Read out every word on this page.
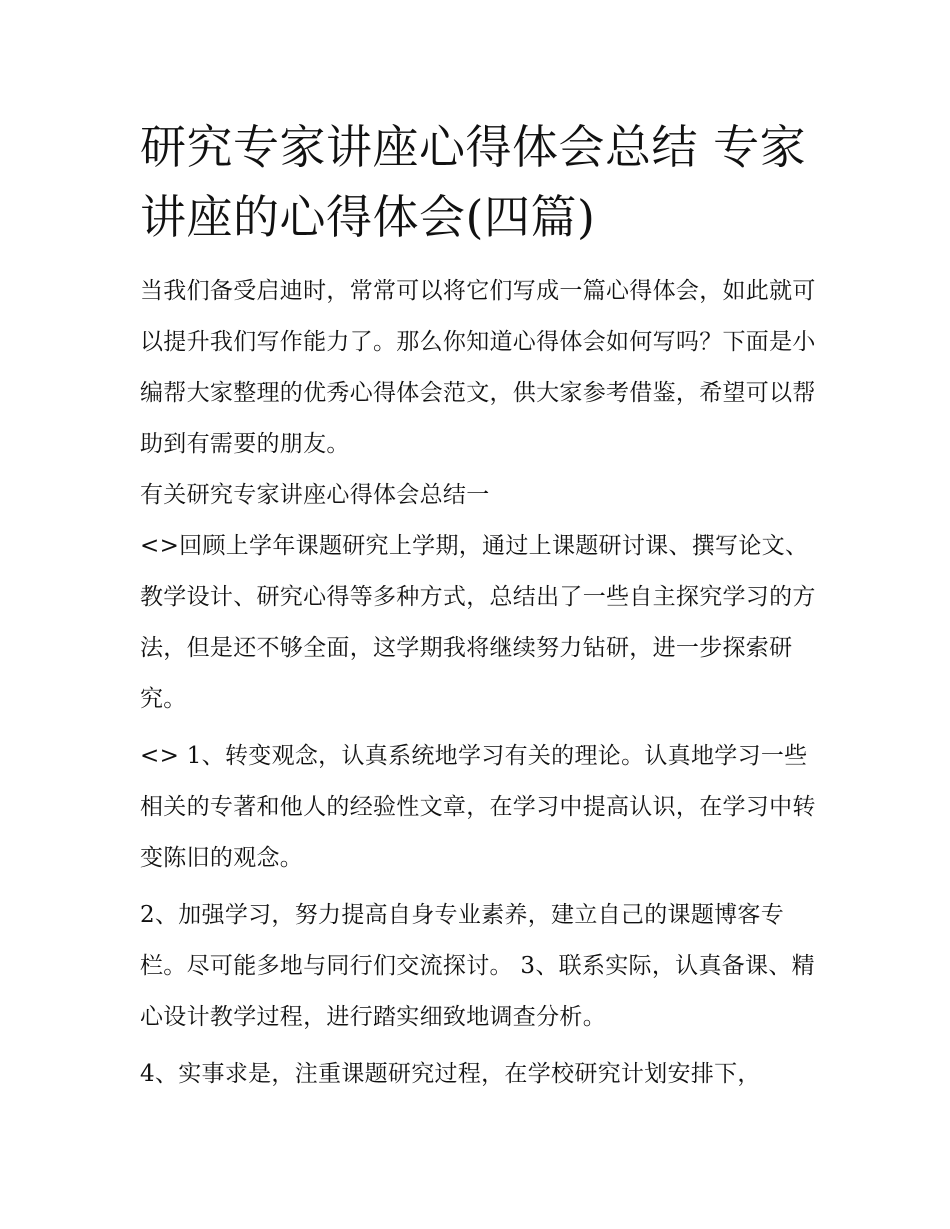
研究专家讲座心得体会总结 专家讲座的心得体会(四篇)

当我们备受启迪时，常常可以将它们写成一篇心得体会，如此就可以提升我们写作能力了。那么你知道心得体会如何写吗？下面是小编帮大家整理的优秀心得体会范文，供大家参考借鉴，希望可以帮助到有需要的朋友。

有关研究专家讲座心得体会总结一

<>回顾上学年课题研究上学期，通过上课题研讨课、撰写论文、教学设计、研究心得等多种方式，总结出了一些自主探究学习的方法，但是还不够全面，这学期我将继续努力钻研，进一步探索研究。

<> 1、转变观念，认真系统地学习有关的理论。认真地学习一些相关的专著和他人的经验性文章，在学习中提高认识，在学习中转变陈旧的观念。

2、加强学习，努力提高自身专业素养，建立自己的课题博客专栏。尽可能多地与同行们交流探讨。 3、联系实际，认真备课、精心设计教学过程，进行踏实细致地调查分析。

4、实事求是，注重课题研究过程，在学校研究计划安排下，
